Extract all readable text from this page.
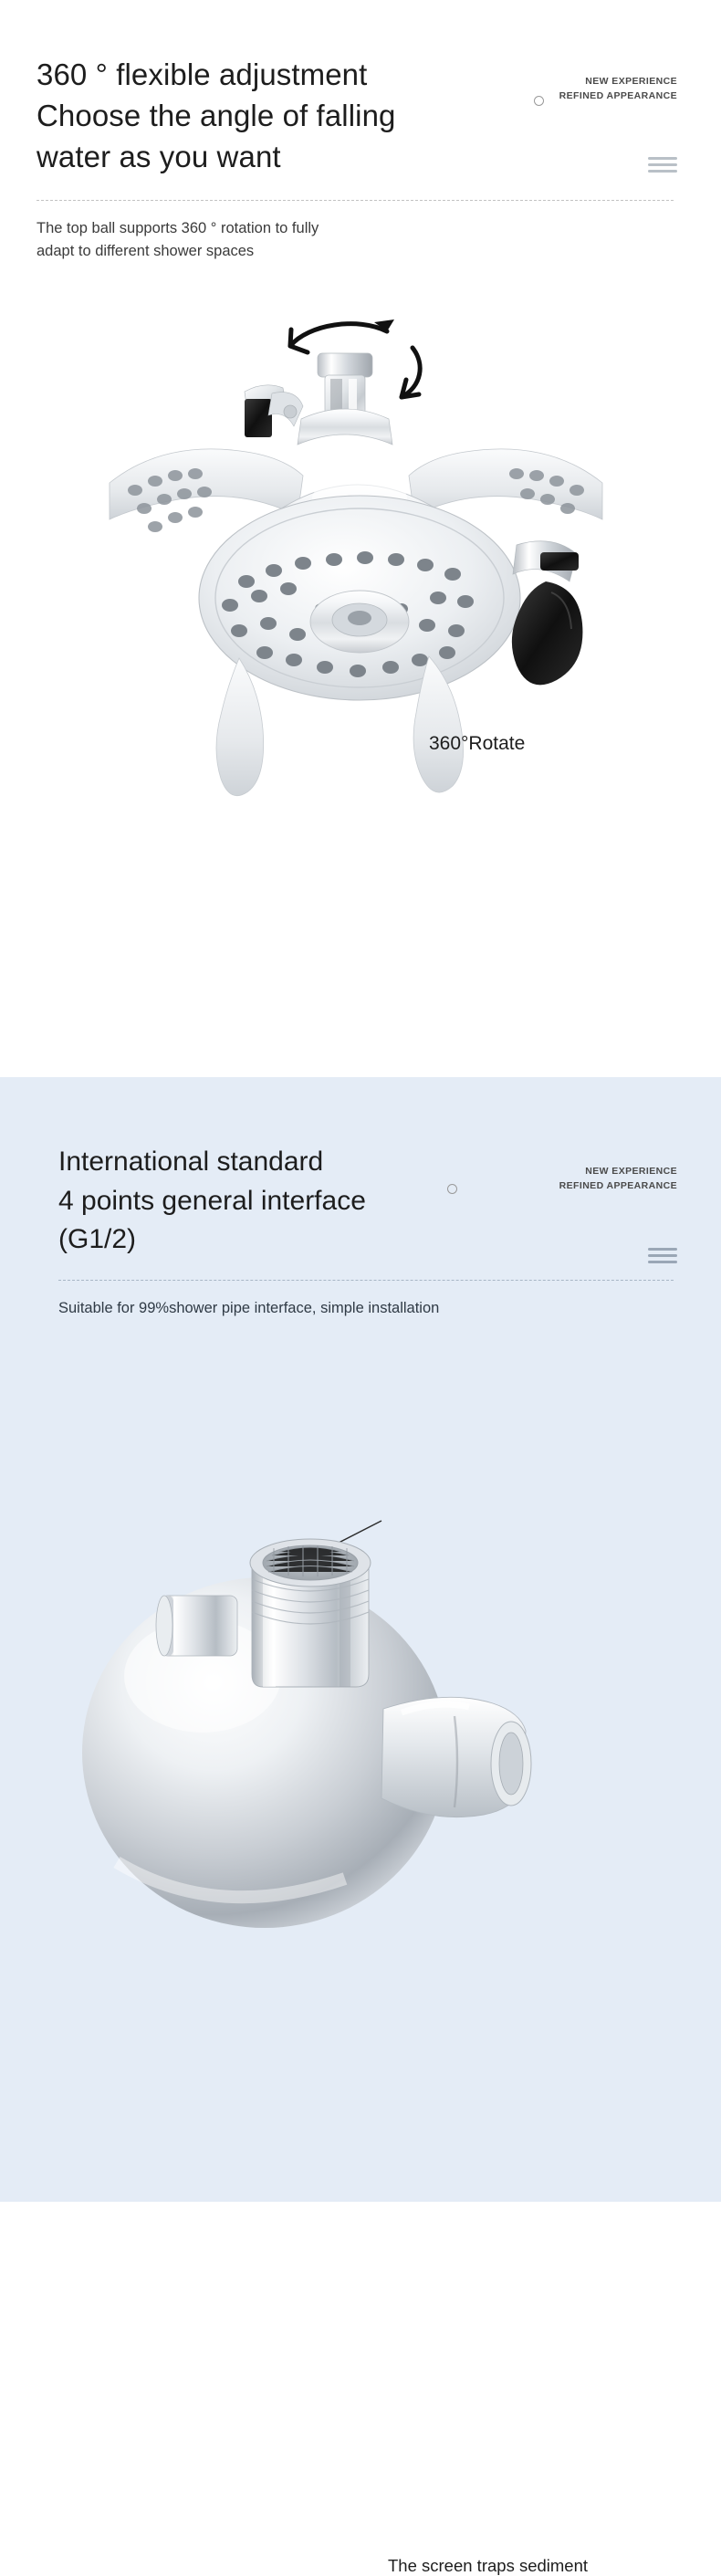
360 ° flexible adjustment
Choose the angle of falling
water as you want
NEW EXPERIENCE
REFINED APPEARANCE

The top ball supports 360 ° rotation to fully
adapt to different shower spaces

360°Rotate
International standard
4 points general interface
(G1/2)
NEW EXPERIENCE
REFINED APPEARANCE

Suitable for 99%shower pipe interface, simple installation

The screen traps sediment
